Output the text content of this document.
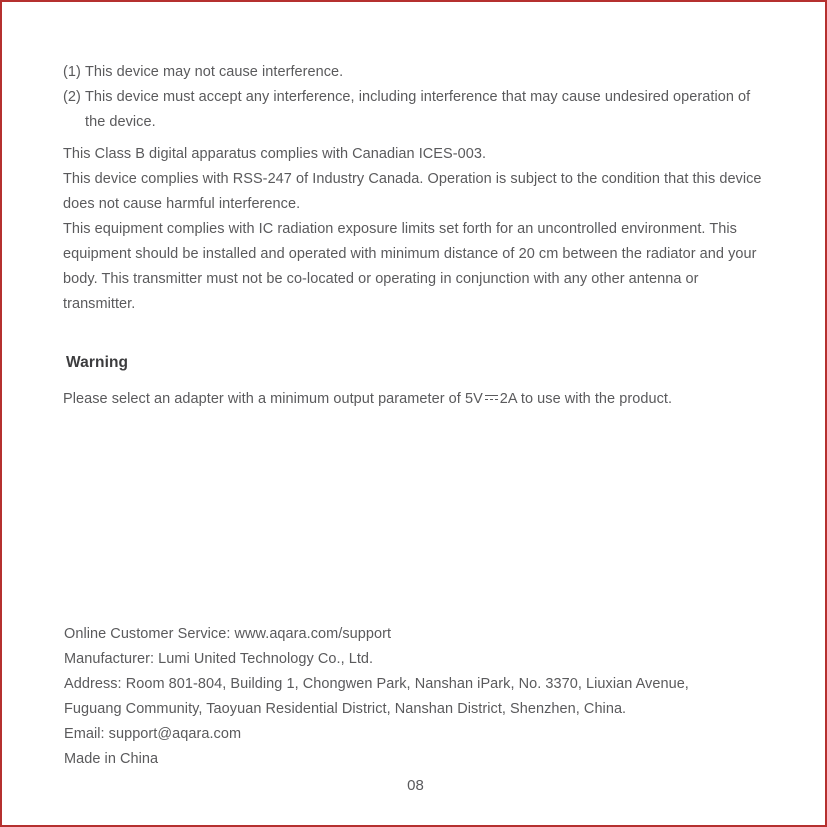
(1) This device may not cause interference.
(2) This device must accept any interference, including interference that may cause undesired operation of the device.

This Class B digital apparatus complies with Canadian ICES‐003.

This device complies with RSS‐247 of Industry Canada. Operation is subject to the condition that this device does not cause harmful interference.

This equipment complies with IC radiation exposure limits set forth for an uncontrolled environment. This equipment should be installed and operated with minimum distance of 20 cm between the radiator and your body. This transmitter must not be co-located or operating in conjunction with any other antenna or transmitter.

Warning
Please select an adapter with a minimum output parameter of 5V 2A to use with the product.
Online Customer Service: www.aqara.com/support
Manufacturer: Lumi United Technology Co., Ltd.
Address: Room 801-804, Building 1, Chongwen Park, Nanshan iPark, No. 3370, Liuxian Avenue,
Fuguang Community, Taoyuan Residential District, Nanshan District, Shenzhen, China.
Email: support@aqara.com
Made in China
08
